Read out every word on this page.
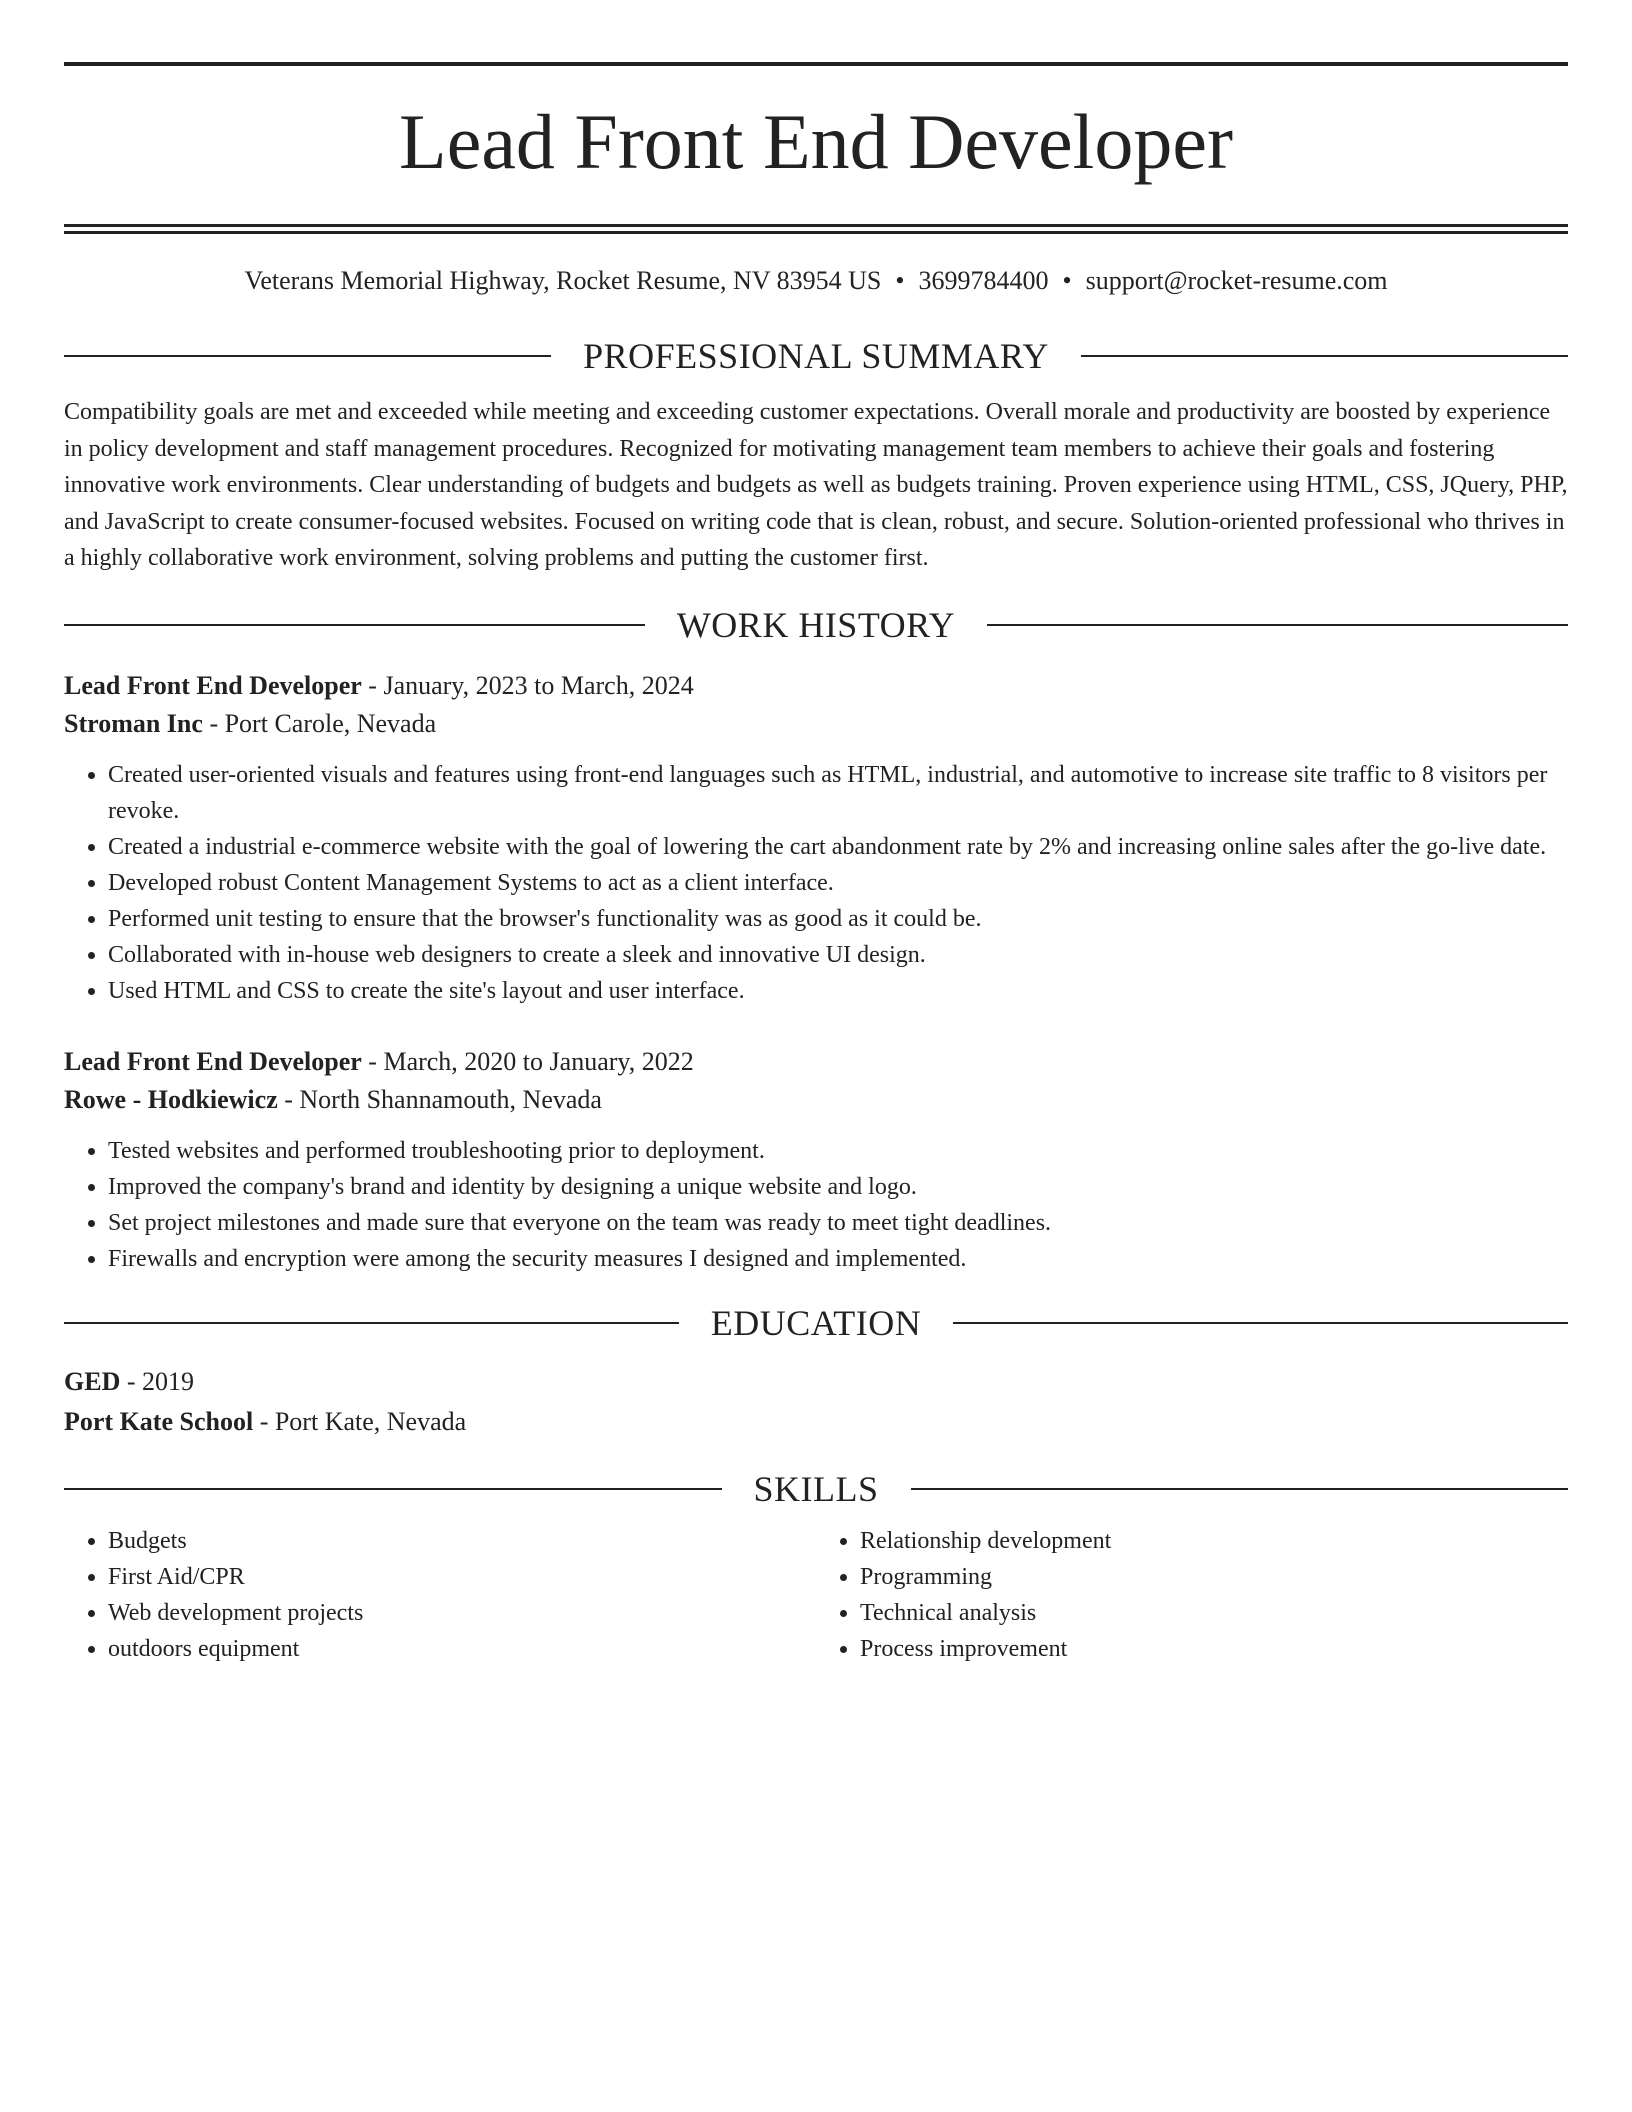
Lead Front End Developer
Veterans Memorial Highway, Rocket Resume, NV 83954 US • 3699784400 • support@rocket-resume.com
PROFESSIONAL SUMMARY

Compatibility goals are met and exceeded while meeting and exceeding customer expectations. Overall morale and productivity are boosted by experience in policy development and staff management procedures. Recognized for motivating management team members to achieve their goals and fostering innovative work environments. Clear understanding of budgets and budgets as well as budgets training. Proven experience using HTML, CSS, JQuery, PHP, and JavaScript to create consumer-focused websites. Focused on writing code that is clean, robust, and secure. Solution-oriented professional who thrives in a highly collaborative work environment, solving problems and putting the customer first.

WORK HISTORY
Lead Front End Developer - January, 2023 to March, 2024
Stroman Inc - Port Carole, Nevada
• Created user-oriented visuals and features using front-end languages such as HTML, industrial, and automotive to increase site traffic to 8 visitors per revoke.
• Created a industrial e-commerce website with the goal of lowering the cart abandonment rate by 2% and increasing online sales after the go-live date.
• Developed robust Content Management Systems to act as a client interface.
• Performed unit testing to ensure that the browser's functionality was as good as it could be.
• Collaborated with in-house web designers to create a sleek and innovative UI design.
• Used HTML and CSS to create the site's layout and user interface.
Lead Front End Developer - March, 2020 to January, 2022
Rowe - Hodkiewicz - North Shannamouth, Nevada
• Tested websites and performed troubleshooting prior to deployment.
• Improved the company's brand and identity by designing a unique website and logo.
• Set project milestones and made sure that everyone on the team was ready to meet tight deadlines.
• Firewalls and encryption were among the security measures I designed and implemented.
EDUCATION
GED - 2019
Port Kate School - Port Kate, Nevada
SKILLS
• Budgets
• First Aid/CPR
• Web development projects
• outdoors equipment
• Relationship development
• Programming
• Technical analysis
• Process improvement
